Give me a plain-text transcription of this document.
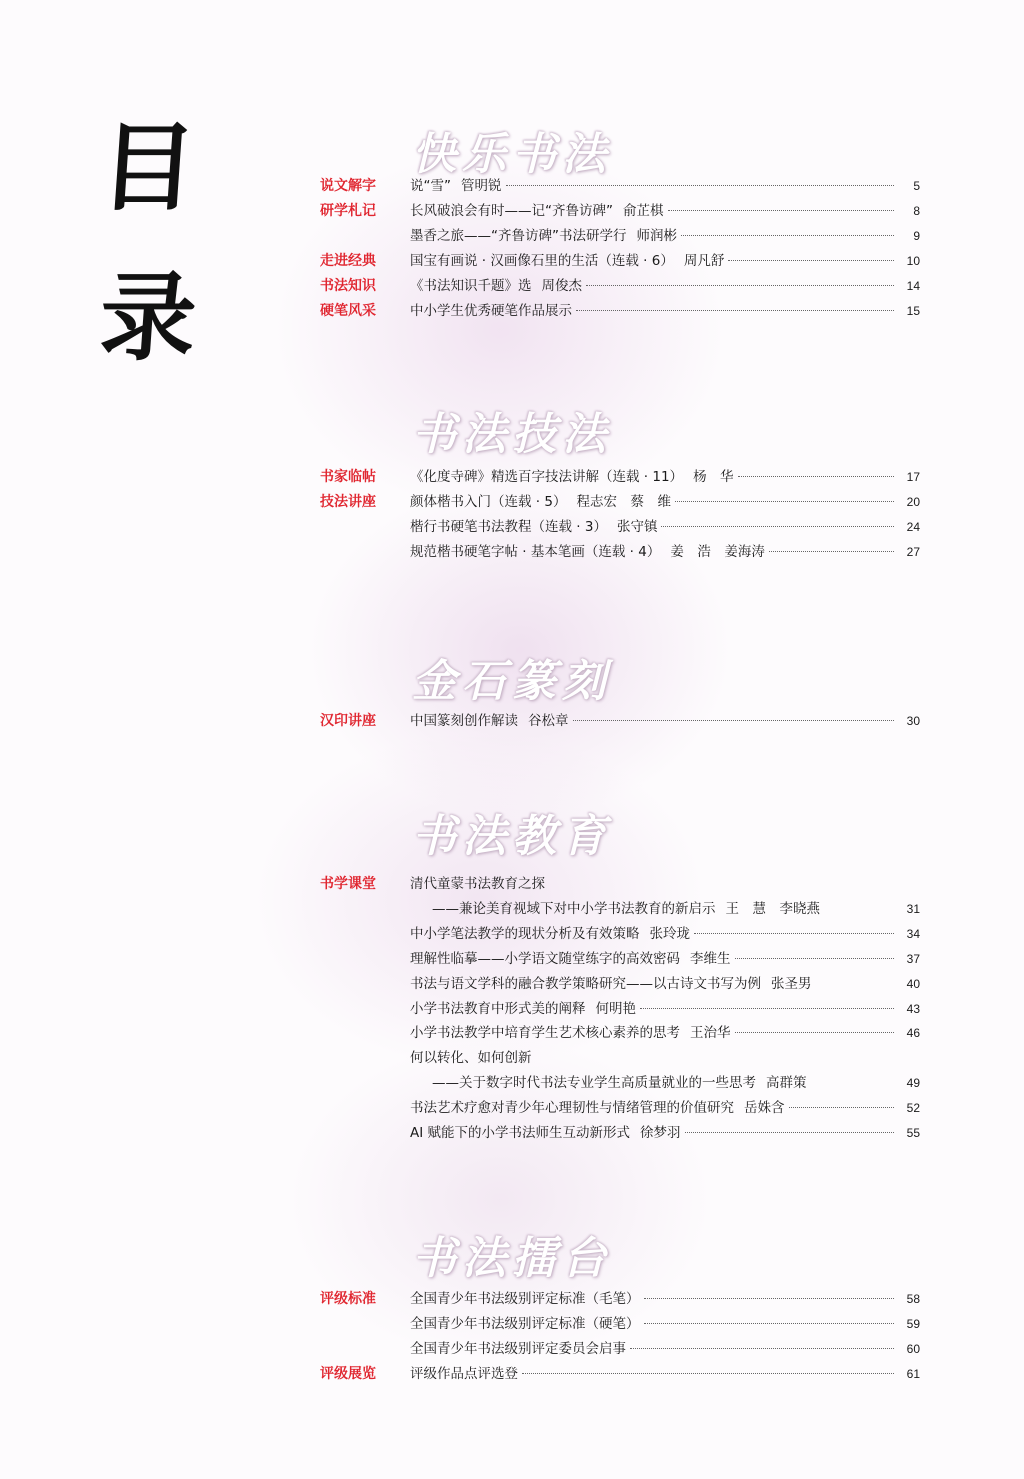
目
录
快乐书法
说文解字	说“雪” 管明锐	5
研学札记	长风破浪会有时——记“齐鲁访碑” 俞芷棋	8
墨香之旅——“齐鲁访碑”书法研学行 师润彬	9
走进经典	国宝有画说 · 汉画像石里的生活（连载 · 6） 周凡舒	10
书法知识	《书法知识千题》选 周俊杰	14
硬笔风采	中小学生优秀硬笔作品展示	15
书法技法
书家临帖	《化度寺碑》精选百字技法讲解（连载 · 11） 杨　华	17
技法讲座	颜体楷书入门（连载 · 5） 程志宏　蔡　维	20
楷行书硬笔书法教程（连载 · 3） 张守镇	24
规范楷书硬笔字帖 · 基本笔画（连载 · 4） 姜　浩　姜海涛	27
金石篆刻
汉印讲座	中国篆刻创作解读 谷松章	30
书法教育
书学课堂	清代童蒙书法教育之探
——兼论美育视域下对中小学书法教育的新启示 王　慧　李晓燕	31
中小学笔法教学的现状分析及有效策略 张玲珑	34
理解性临摹——小学语文随堂练字的高效密码 李维生	37
书法与语文学科的融合教学策略研究——以古诗文书写为例 张圣男	40
小学书法教育中形式美的阐释 何明艳	43
小学书法教学中培育学生艺术核心素养的思考 王治华	46
何以转化、如何创新
——关于数字时代书法专业学生高质量就业的一些思考 高群策	49
书法艺术疗愈对青少年心理韧性与情绪管理的价值研究 岳姝含	52
AI 赋能下的小学书法师生互动新形式 徐梦羽	55
书法擂台
评级标准	全国青少年书法级别评定标准（毛笔）	58
全国青少年书法级别评定标准（硬笔）	59
全国青少年书法级别评定委员会启事	60
评级展览	评级作品点评选登	61
